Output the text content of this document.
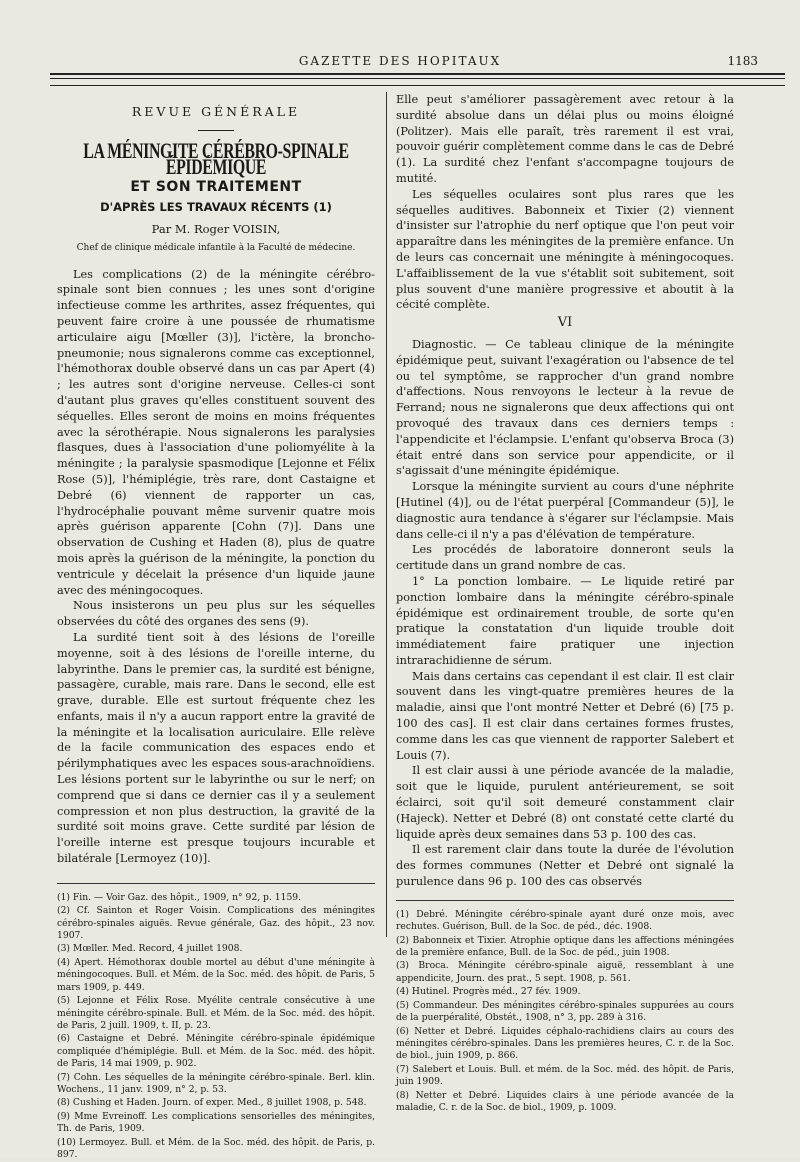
GAZETTE DES HOPITAUX	1183
REVUE GÉNÉRALE
LA MÉNINGITE CÉRÉBRO-SPINALE ÉPIDÉMIQUE
ET SON TRAITEMENT
D'APRÈS LES TRAVAUX RÉCENTS (1)
Par M. Roger VOISIN,
Chef de clinique médicale infantile à la Faculté de médecine.

Les complications (2) de la méningite cérébro-spinale sont bien connues ; les unes sont d'origine infectieuse comme les arthrites, assez fréquentes, qui peuvent faire croire à une poussée de rhumatisme articulaire aigu [Mœller (3)], l'ictère, la broncho-pneumonie; nous signalerons comme cas exceptionnel, l'hémothorax double observé dans un cas par Apert (4) ; les autres sont d'origine nerveuse. Celles-ci sont d'autant plus graves qu'elles constituent souvent des séquelles. Elles seront de moins en moins fréquentes avec la sérothérapie. Nous signalerons les paralysies flasques, dues à l'association d'une poliomyélite à la méningite ; la paralysie spasmodique [Lejonne et Félix Rose (5)], l'hémiplégie, très rare, dont Castaigne et Debré (6) viennent de rapporter un cas, l'hydrocéphalie pouvant même survenir quatre mois après guérison apparente [Cohn (7)]. Dans une observation de Cushing et Haden (8), plus de quatre mois après la guérison de la méningite, la ponction du ventricule y décelait la présence d'un liquide jaune avec des méningocoques.

Nous insisterons un peu plus sur les séquelles observées du côté des organes des sens (9).

La surdité tient soit à des lésions de l'oreille moyenne, soit à des lésions de l'oreille interne, du labyrinthe. Dans le premier cas, la surdité est bénigne, passagère, curable, mais rare. Dans le second, elle est grave, durable. Elle est surtout fréquente chez les enfants, mais il n'y a aucun rapport entre la gravité de la méningite et la localisation auriculaire. Elle relève de la facile communication des espaces endo et périlymphatiques avec les espaces sous-arachnoïdiens. Les lésions portent sur le labyrinthe ou sur le nerf; on comprend que si dans ce dernier cas il y a seulement compression et non plus destruction, la gravité de la surdité soit moins grave. Cette surdité par lésion de l'oreille interne est presque toujours incurable et bilatérale [Lermoyez (10)].

(1) Fin. — Voir Gaz. des hôpit., 1909, n° 92, p. 1159.
(2) Cf. Sainton et Roger Voisin. Complications des méningites cérébro-spinales aiguës. Revue générale, Gaz. des hôpit., 23 nov. 1907.
(3) Mœller. Med. Record, 4 juillet 1908.
(4) Apert. Hémothorax double mortel au début d'une méningite à méningocoques. Bull. et Mém. de la Soc. méd. des hôpit. de Paris, 5 mars 1909, p. 449.
(5) Lejonne et Félix Rose. Myélite centrale consécutive à une méningite cérébro-spinale. Bull. et Mém. de la Soc. méd. des hôpit. de Paris, 2 juill. 1909, t. II, p. 23.
(6) Castaigne et Debré. Méningite cérébro-spinale épidémique compliquée d'hémiplégie. Bull. et Mém. de la Soc. méd. des hôpit. de Paris, 14 mai 1909, p. 902.
(7) Cohn. Les séquelles de la méningite cérébro-spinale. Berl. klin. Wochens., 11 janv. 1909, n° 2, p. 53.
(8) Cushing et Haden. Journ. of exper. Med., 8 juillet 1908, p. 548.
(9) Mme Evreinoff. Les complications sensorielles des méningites, Th. de Paris, 1909.
(10) Lermoyez. Bull. et Mém. de la Soc. méd. des hôpit. de Paris, p. 897.

Elle peut s'améliorer passagèrement avec retour à la surdité absolue dans un délai plus ou moins éloigné (Politzer). Mais elle paraît, très rarement il est vrai, pouvoir guérir complètement comme dans le cas de Debré (1). La surdité chez l'enfant s'accompagne toujours de mutité.

Les séquelles oculaires sont plus rares que les séquelles auditives. Babonneix et Tixier (2) viennent d'insister sur l'atrophie du nerf optique que l'on peut voir apparaître dans les méningites de la première enfance. Un de leurs cas concernait une méningite à méningocoques. L'affaiblissement de la vue s'établit soit subitement, soit plus souvent d'une manière progressive et aboutit à la cécité complète.

VI

Diagnostic. — Ce tableau clinique de la méningite épidémique peut, suivant l'exagération ou l'absence de tel ou tel symptôme, se rapprocher d'un grand nombre d'affections. Nous renvoyons le lecteur à la revue de Ferrand; nous ne signalerons que deux affections qui ont provoqué des travaux dans ces derniers temps : l'appendicite et l'éclampsie. L'enfant qu'observa Broca (3) était entré dans son service pour appendicite, or il s'agissait d'une méningite épidémique.

Lorsque la méningite survient au cours d'une néphrite [Hutinel (4)], ou de l'état puerpéral [Commandeur (5)], le diagnostic aura tendance à s'égarer sur l'éclampsie. Mais dans celle-ci il n'y a pas d'élévation de température.

Les procédés de laboratoire donneront seuls la certitude dans un grand nombre de cas.

1° La ponction lombaire. — Le liquide retiré par ponction lombaire dans la méningite cérébro-spinale épidémique est ordinairement trouble, de sorte qu'en pratique la constatation d'un liquide trouble doit immédiatement faire pratiquer une injection intrarachidienne de sérum.

Mais dans certains cas cependant il est clair. Il est clair souvent dans les vingt-quatre premières heures de la maladie, ainsi que l'ont montré Netter et Debré (6) [75 p. 100 des cas]. Il est clair dans certaines formes frustes, comme dans les cas que viennent de rapporter Salebert et Louis (7).

Il est clair aussi à une période avancée de la maladie, soit que le liquide, purulent antérieurement, se soit éclairci, soit qu'il soit demeuré constamment clair (Hajeck). Netter et Debré (8) ont constaté cette clarté du liquide après deux semaines dans 53 p. 100 des cas.

Il est rarement clair dans toute la durée de l'évolution des formes communes (Netter et Debré ont signalé la purulence dans 96 p. 100 des cas observés

(1) Debré. Méningite cérébro-spinale ayant duré onze mois, avec rechutes. Guérison, Bull. de la Soc. de péd., déc. 1908.
(2) Babonneix et Tixier. Atrophie optique dans les affections méningées de la première enfance, Bull. de la Soc. de péd., juin 1908.
(3) Broca. Méningite cérébro-spinale aiguë, ressemblant à une appendicite, Journ. des prat., 5 sept. 1908, p. 561.
(4) Hutinel. Progrès méd., 27 fév. 1909.
(5) Commandeur. Des méningites cérébro-spinales suppurées au cours de la puerpéralité, Obstét., 1908, n° 3, pp. 289 à 316.
(6) Netter et Debré. Liquides céphalo-rachidiens clairs au cours des méningites cérébro-spinales. Dans les premières heures, C. r. de la Soc. de biol., juin 1909, p. 866.
(7) Salebert et Louis. Bull. et mém. de la Soc. méd. des hôpit. de Paris, juin 1909.
(8) Netter et Debré. Liquides clairs à une période avancée de la maladie, C. r. de la Soc. de biol., 1909, p. 1009.
